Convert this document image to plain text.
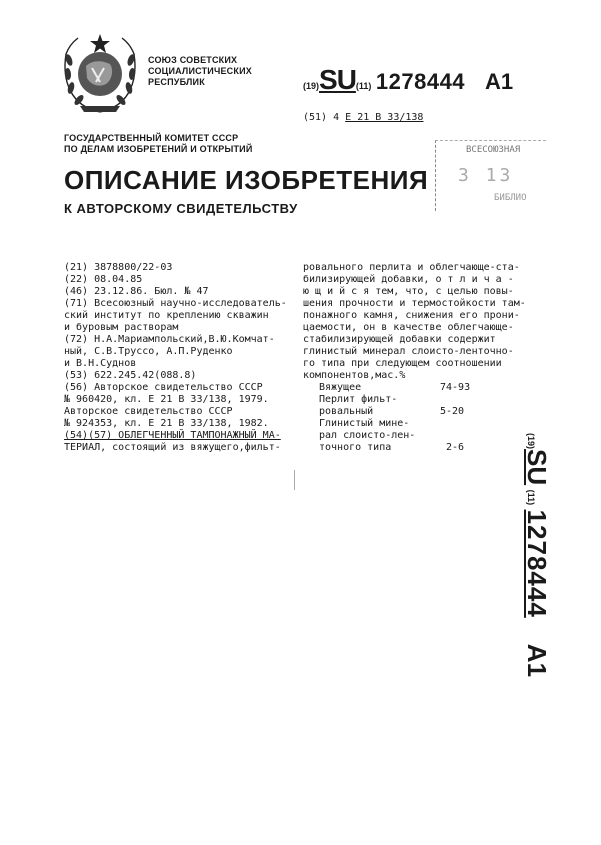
СОЮЗ СОВЕТСКИХ
СОЦИАЛИСТИЧЕСКИХ
РЕСПУБЛИК	(19)SU(11) 1278444 A1
(51) 4 E 21 B 33/138
ГОСУДАРСТВЕННЫЙ КОМИТЕТ СССР
ПО ДЕЛАМ ИЗОБРЕТЕНИЙ И ОТКРЫТИЙ
ОПИСАНИЕ ИЗОБРЕТЕНИЯ
К АВТОРСКОМУ СВИДЕТЕЛЬСТВУ
ВСЕСОЮЗНАЯ
3 13
БИБЛИО
(21) 3878800/22-03
(22) 08.04.85
(46) 23.12.86. Бюл. № 47
(71) Всесоюзный научно-исследователь-
ский институт по креплению скважин
и буровым растворам
(72) Н.А.Мариампольский,В.Ю.Комчат-
ный, С.В.Труссо, А.П.Руденко
и В.Н.Суднов
(53) 622.245.42(088.8)
(56) Авторское свидетельство СССР
№ 960420, кл. Е 21 В 33/138, 1979.
Авторское свидетельство СССР
№ 924353, кл. Е 21 В 33/138, 1982.
(54)(57) ОБЛЕГЧЕННЫЙ ТАМПОНАЖНЫЙ МА-
ТЕРИАЛ, состоящий из вяжущего,фильт-
ровального перлита и облегчающе-ста-
билизирующей добавки, о т л и ч а -
ю щ и й с я тем, что, с целью повы-
шения прочности и термостойкости там-
понажного камня, снижения его прони-
цаемости, он в качестве облегчающе-
стабилизирующей добавки содержит
глинистый минерал слоисто-ленточно-
го типа при следующем соотношении
компонентов,мас.%
Вяжущее	74-93
Перлит фильт-
ровальный	5-20
Глинистый мине-
рал слоисто-лен-
точного типа	2-6	(19)SU (11) 1278444A1
